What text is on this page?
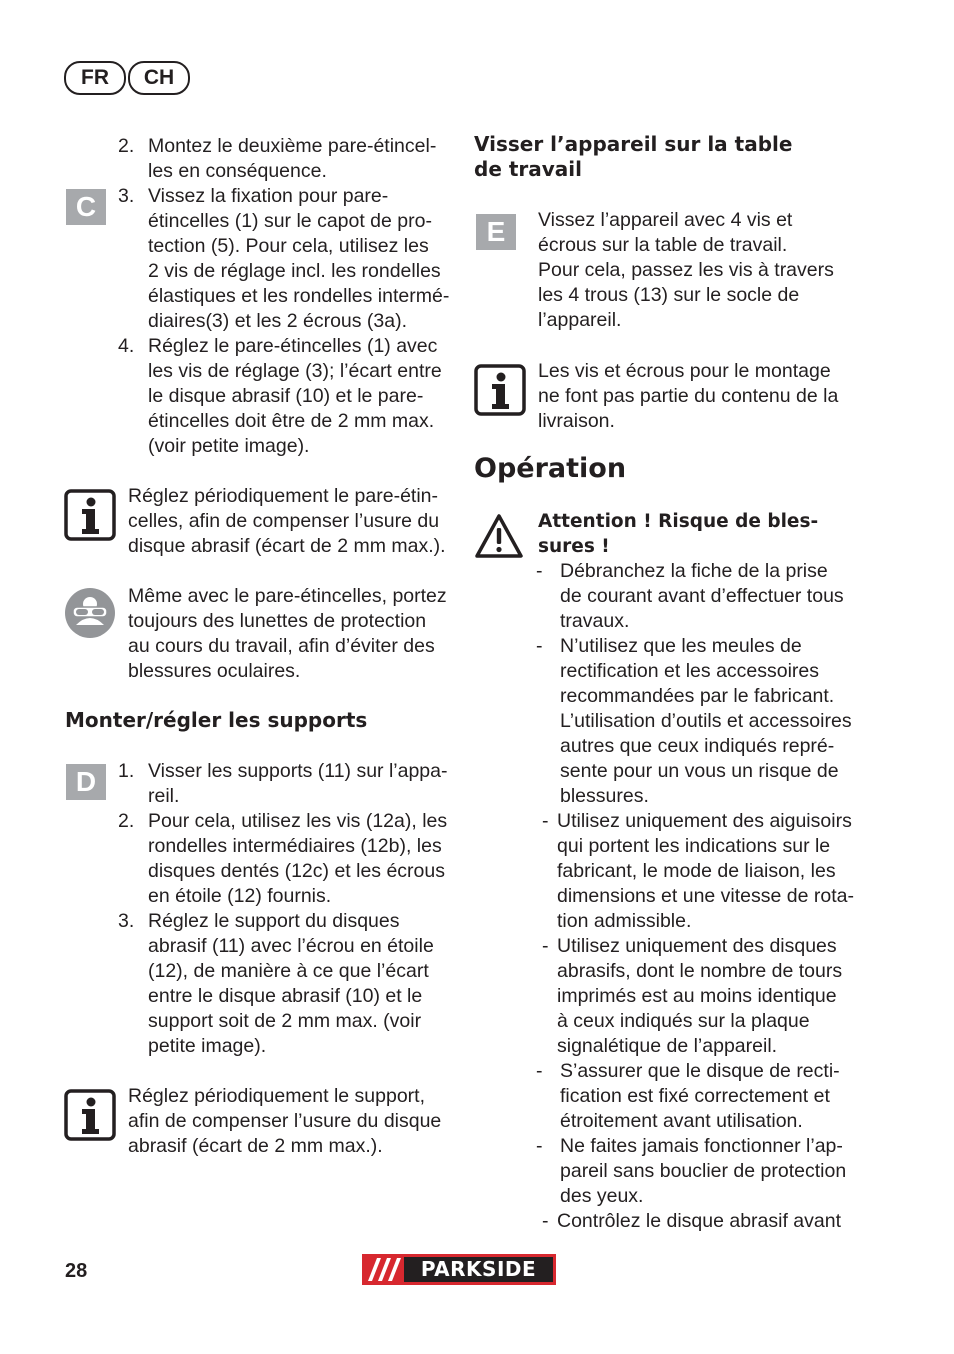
FR	CH
C
2. Montez le deuxième pare-étincel-
les en conséquence.
3. Vissez la fixation pour pare-
étincelles (1) sur le capot de pro-
tection (5). Pour cela, utilisez les
2 vis de réglage incl. les rondelles
élastiques et les rondelles intermé-
diaires(3) et les 2 écrous (3a).
4. Réglez le pare-étincelles (1) avec
les vis de réglage (3); l’écart entre
le disque abrasif (10) et le pare-
étincelles doit être de 2 mm max.
(voir petite image).
Réglez périodiquement le pare-étin-
celles, afin de compenser l’usure du
disque abrasif (écart de 2 mm max.).
Même avec le pare-étincelles, portez
toujours des lunettes de protection
au cours du travail, afin d’éviter des
blessures oculaires.
Monter/régler les supports
D	1. Visser les supports (11) sur l’appa-
reil.
2. Pour cela, utilisez les vis (12a), les
rondelles intermédiaires (12b), les
disques dentés (12c) et les écrous
en étoile (12) fournis.
3. Réglez le support du disques
abrasif (11) avec l’écrou en étoile
(12), de manière à ce que l’écart
entre le disque abrasif (10) et le
support soit de 2 mm max. (voir
petite image).
Réglez périodiquement le support,
afin de compenser l’usure du disque
abrasif (écart de 2 mm max.).
Visser l’appareil sur la table
de travail
E	Vissez l’appareil avec 4 vis et
écrous sur la table de travail.
Pour cela, passez les vis à travers
les 4 trous (13) sur le socle de
l’appareil.
Les vis et écrous pour le montage
ne font pas partie du contenu de la
livraison.
Opération
Attention ! Risque de bles-
sures !
- Débranchez la fiche de la prise
de courant avant d’effectuer tous
travaux.
- N’utilisez que les meules de
rectification et les accessoires
recommandées par le fabricant.
L’utilisation d’outils et accessoires
autres que ceux indiqués repré-
sente pour un vous un risque de
blessures.
- Utilisez uniquement des aiguisoirs
qui portent les indications sur le
fabricant, le mode de liaison, les
dimensions et une vitesse de rota-
tion admissible.
- Utilisez uniquement des disques
abrasifs, dont le nombre de tours
imprimés est au moins identique
à ceux indiqués sur la plaque
signalétique de l’appareil.
- S’assurer que le disque de recti-
fication est fixé correctement et
étroitement avant utilisation.
- Ne faites jamais fonctionner l’ap-
pareil sans bouclier de protection
des yeux.
- Contrôlez le disque abrasif avant
28	PARKSIDE
